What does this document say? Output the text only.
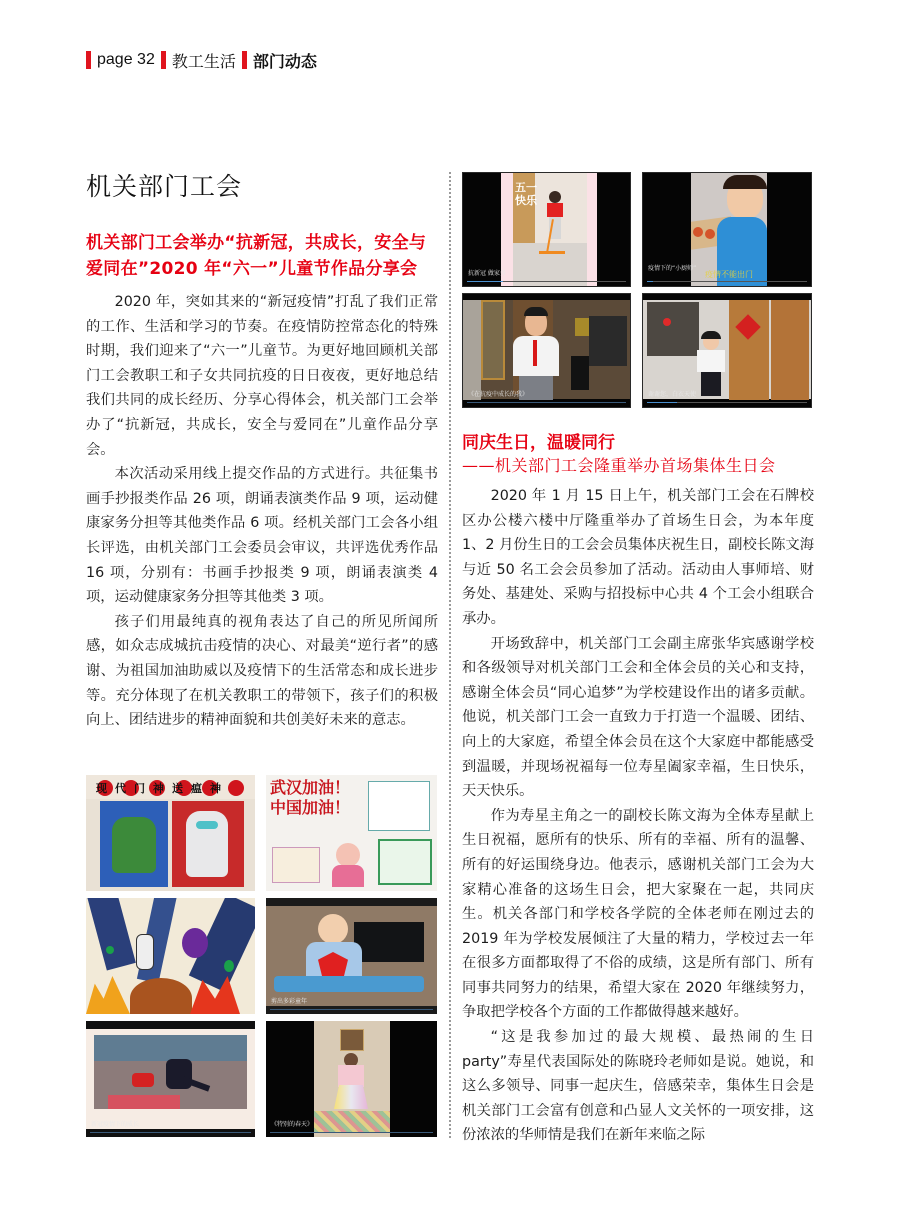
page 32 教工生活 部门动态
机关部门工会
机关部门工会举办“抗新冠，共成长，安全与爱同在”2020 年“六一”儿童节作品分享会

2020 年，突如其来的“新冠疫情”打乱了我们正常的工作、生活和学习的节奏。在疫情防控常态化的特殊时期，我们迎来了“六一”儿童节。为更好地回顾机关部门工会教职工和子女共同抗疫的日日夜夜，更好地总结我们共同的成长经历、分享心得体会，机关部门工会举办了“抗新冠，共成长，安全与爱同在”儿童作品分享会。

本次活动采用线上提交作品的方式进行。共征集书画手抄报类作品 26 项，朗诵表演类作品 9 项，运动健康家务分担等其他类作品 6 项。经机关部门工会各小组长评选，由机关部门工会委员会审议，共评选优秀作品 16 项，分别有：书画手抄报类 9 项，朗诵表演类 4 项，运动健康家务分担等其他类 3 项。

孩子们用最纯真的视角表达了自己的所见所闻所感，如众志成城抗击疫情的决心、对最美“逆行者”的感谢、为祖国加油助威以及疫情下的生活常态和成长进步等。充分体现了在机关教职工的带领下，孩子们的积极向上、团结进步的精神面貌和共创美好未来的意志。

现代门神送瘟神	武汉加油！中国加油！
剪出多彩童年
新冠疫情下的成长	《特别的春天》
五一快乐
抗新冠 做家务	疫情不能出门
疫情下的“小厨师”
《在抗疫中成长的我》	谢谢您，白衣天使
同庆生日，温暖同行
——机关部门工会隆重举办首场集体生日会

2020 年 1 月 15 日上午，机关部门工会在石牌校区办公楼六楼中厅隆重举办了首场生日会，为本年度 1、2 月份生日的工会会员集体庆祝生日，副校长陈文海与近 50 名工会会员参加了活动。活动由人事师培、财务处、基建处、采购与招投标中心共 4 个工会小组联合承办。

开场致辞中，机关部门工会副主席张华宾感谢学校和各级领导对机关部门工会和全体会员的关心和支持，感谢全体会员“同心追梦”为学校建设作出的诸多贡献。他说，机关部门工会一直致力于打造一个温暖、团结、向上的大家庭，希望全体会员在这个大家庭中都能感受到温暖，并现场祝福每一位寿星阖家幸福，生日快乐，天天快乐。

作为寿星主角之一的副校长陈文海为全体寿星献上生日祝福，愿所有的快乐、所有的幸福、所有的温馨、所有的好运围绕身边。他表示，感谢机关部门工会为大家精心准备的这场生日会，把大家聚在一起，共同庆生。机关各部门和学校各学院的全体老师在刚过去的 2019 年为学校发展倾注了大量的精力，学校过去一年在很多方面都取得了不俗的成绩，这是所有部门、所有同事共同努力的结果，希望大家在 2020 年继续努力，争取把学校各个方面的工作都做得越来越好。

“这是我参加过的最大规模、最热闹的生日 party”寿星代表国际处的陈晓玲老师如是说。她说，和这么多领导、同事一起庆生，倍感荣幸，集体生日会是机关部门工会富有创意和凸显人文关怀的一项安排，这份浓浓的华师情是我们在新年来临之际
